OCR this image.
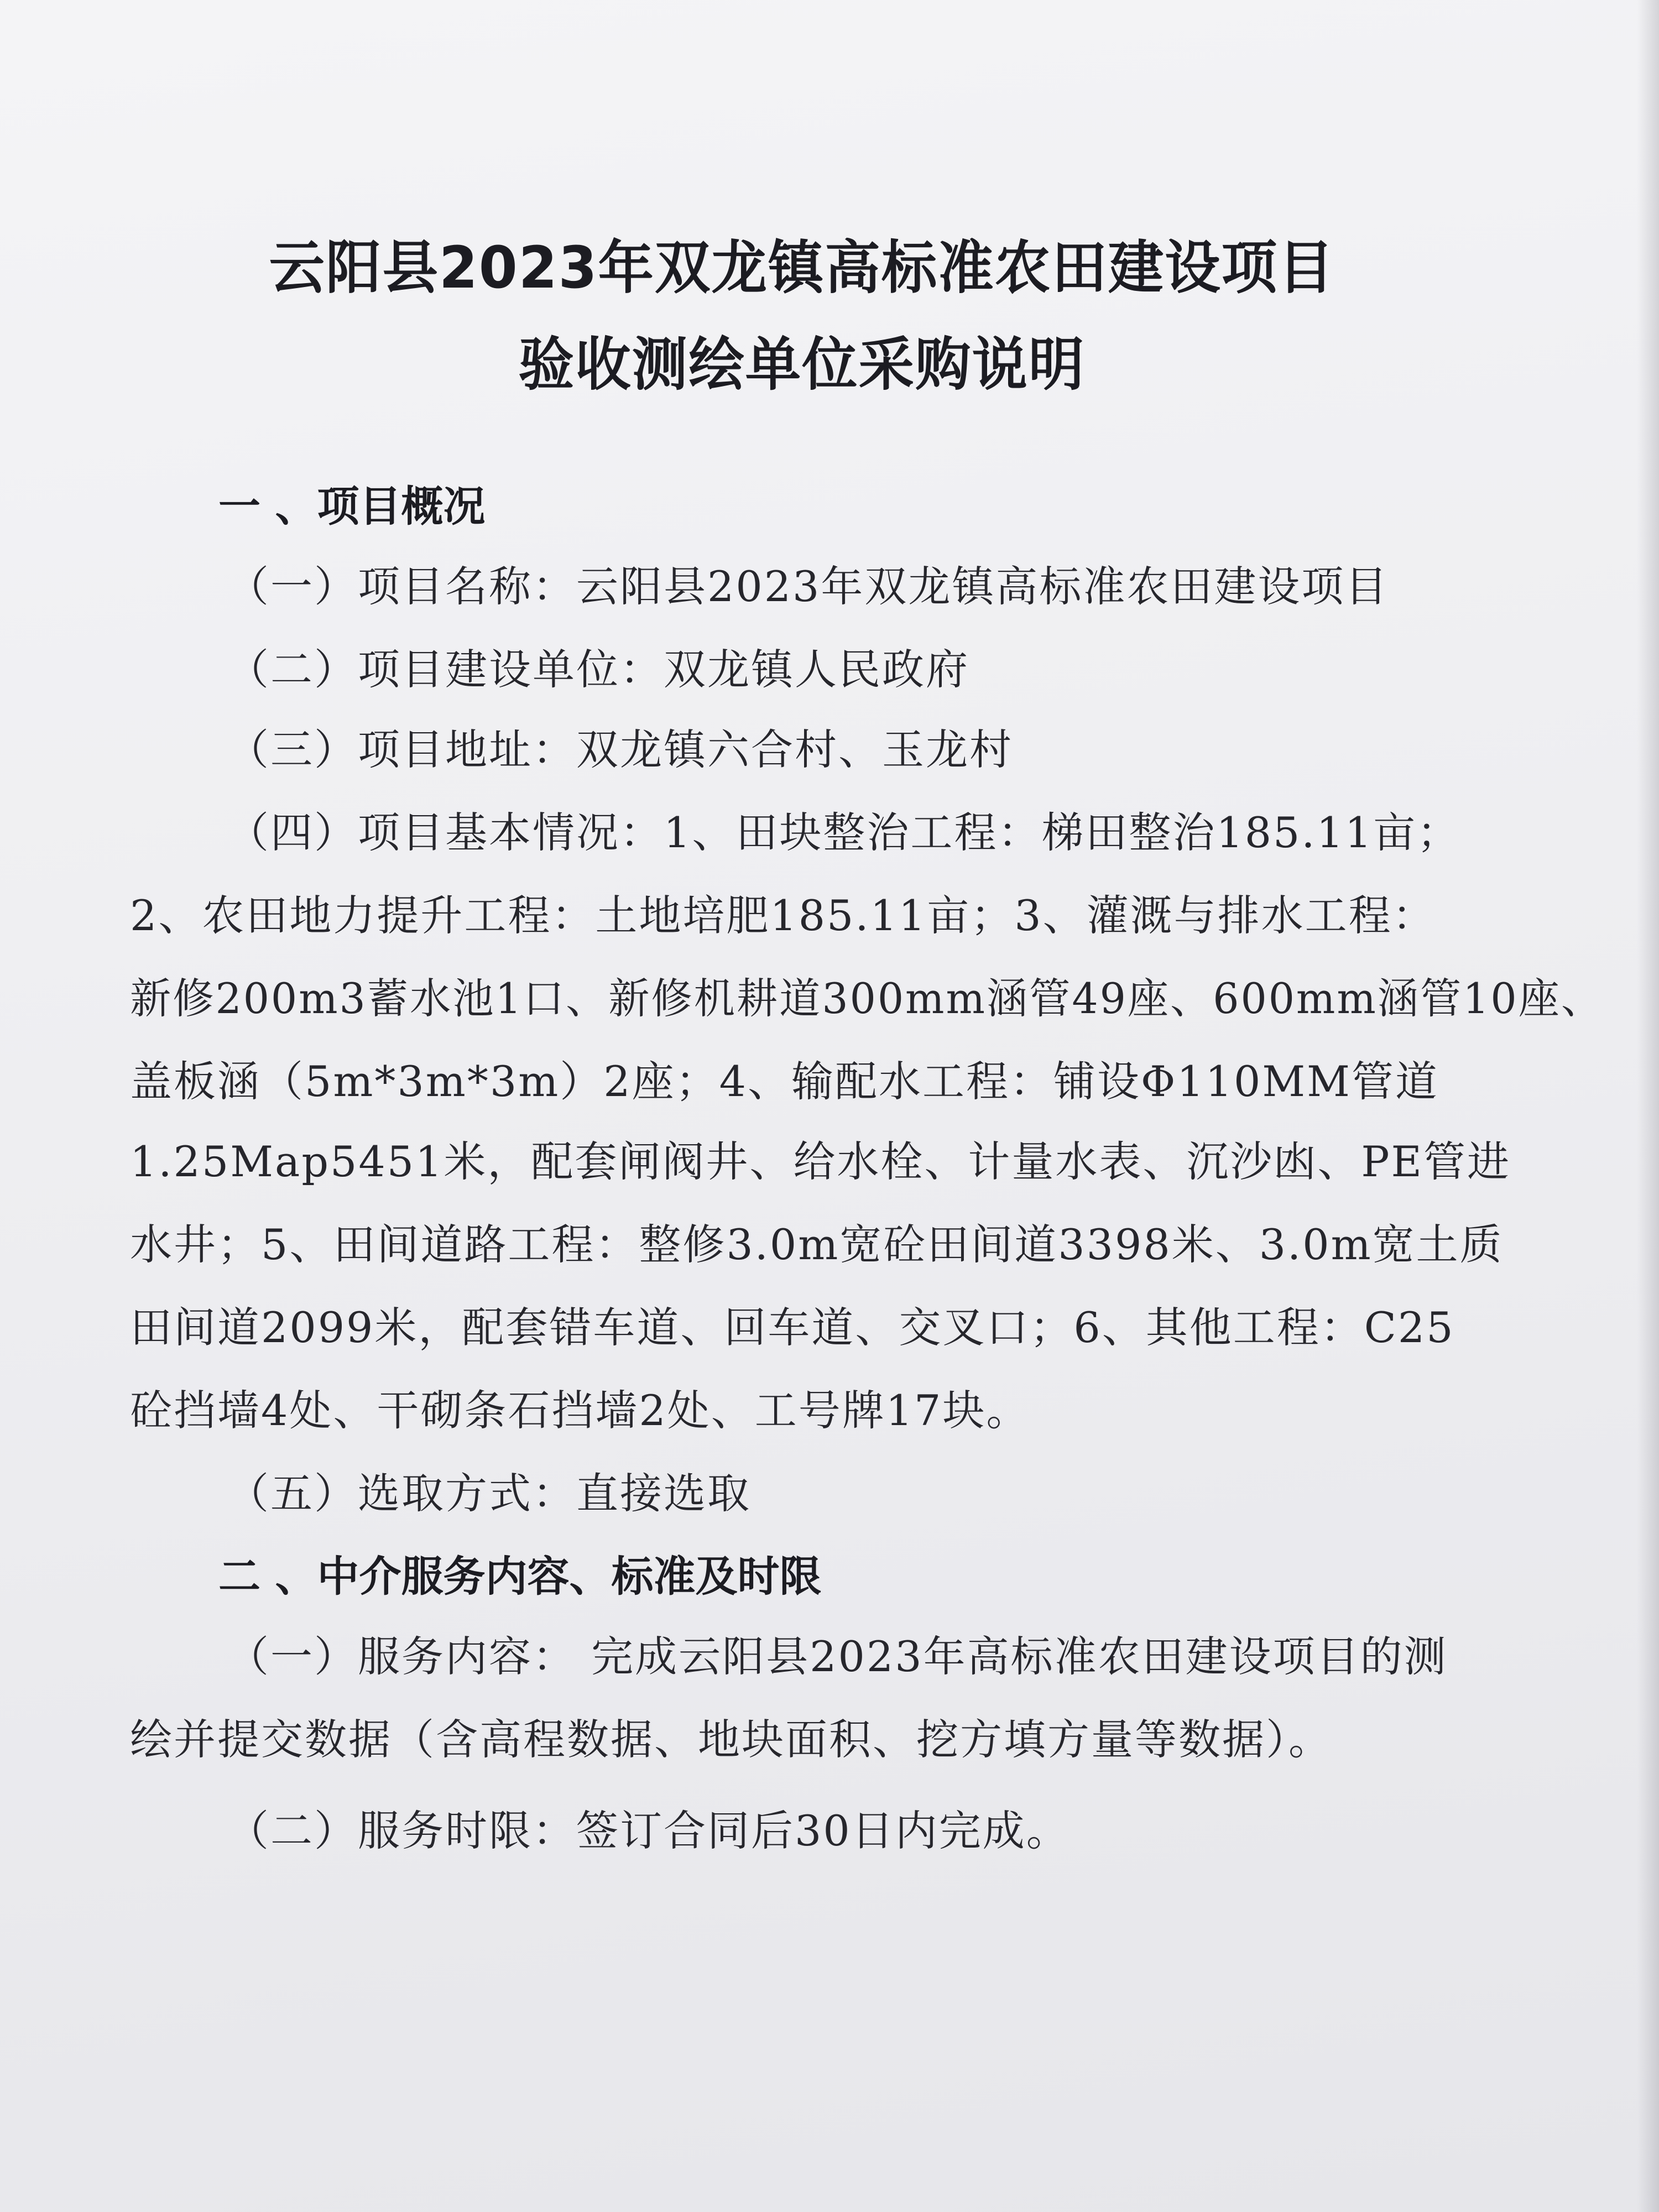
云阳县2023年双龙镇高标准农田建设项目
验收测绘单位采购说明
一 、项目概况
（一）项目名称：云阳县2023年双龙镇高标准农田建设项目
（二）项目建设单位：双龙镇人民政府
（三）项目地址：双龙镇六合村、玉龙村
（四）项目基本情况：1、田块整治工程：梯田整治185.11亩；
2、农田地力提升工程：土地培肥185.11亩；3、灌溉与排水工程：
新修200m3蓄水池1口、新修机耕道300mm涵管49座、600mm涵管10座、
盖板涵（5m*3m*3m）2座；4、输配水工程：铺设Φ110MM管道
1.25Map5451米，配套闸阀井、给水栓、计量水表、沉沙凼、PE管进
水井；5、田间道路工程：整修3.0m宽砼田间道3398米、3.0m宽土质
田间道2099米，配套错车道、回车道、交叉口；6、其他工程：C25
砼挡墙4处、干砌条石挡墙2处、工号牌17块。
（五）选取方式：直接选取
二 、中介服务内容、标准及时限
（一）服务内容： 完成云阳县2023年高标准农田建设项目的测
绘并提交数据（含高程数据、地块面积、挖方填方量等数据）。
（二）服务时限：签订合同后30日内完成。
